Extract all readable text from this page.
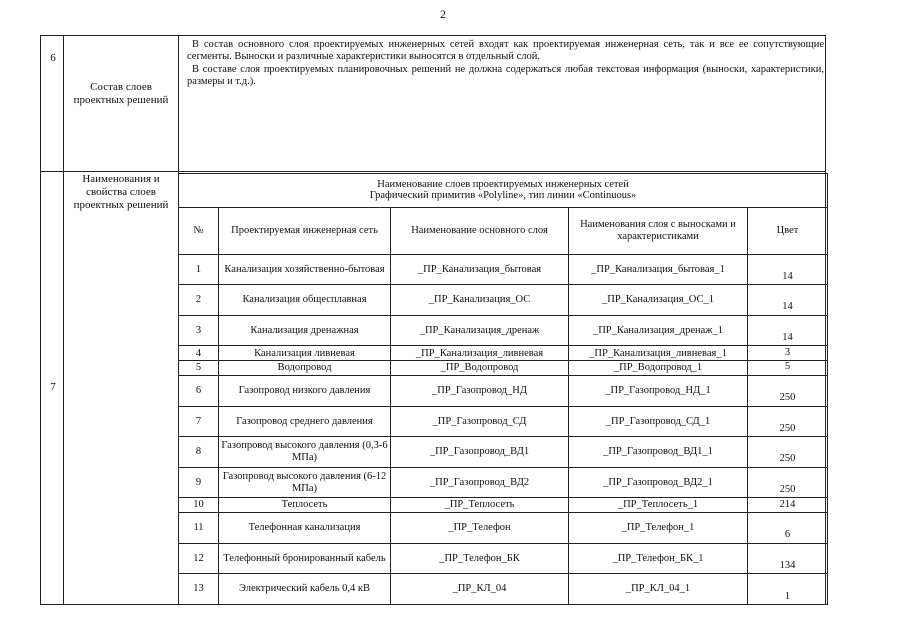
2
6
Состав слоев проектных решений

В состав основного слоя проектируемых инженерных сетей входят как проектируемая инженерная сеть, так и все ее сопутствующие сегменты. Выноски и различные характеристики выносятся в отдельный слой.

В составе слоя проектируемых планировочных решений не должна содержаться любая текстовая информация (выноски, характеристики, размеры и т.д.).

7
Наименования и свойства слоев проектных решений
Наименование слоев проектируемых инженерных сетей
Графический примитив «Polyline», тип линии «Continuous»				

№	Проектируемая инженерная сеть	Наименование основного слоя	Наименования слоя с выносками и характеристиками	Цвет
1	Канализация хозяйственно-бытовая	_ПР_Канализация_бытовая	_ПР_Канализация_бытовая_1	14
2	Канализация общесплавная	_ПР_Канализация_ОС	_ПР_Канализация_ОС_1	14
3	Канализация дренажная	_ПР_Канализация_дренаж	_ПР_Канализация_дренаж_1	14
4	Канализация ливневая	_ПР_Канализация_ливневая	_ПР_Канализация_ливневая_1	3
5	Водопровод	_ПР_Водопровод	_ПР_Водопровод_1	5
6	Газопровод низкого давления	_ПР_Газопровод_НД	_ПР_Газопровод_НД_1	250
7	Газопровод среднего давления	_ПР_Газопровод_СД	_ПР_Газопровод_СД_1	250
8	Газопровод высокого давления (0,3-6 МПа)	_ПР_Газопровод_ВД1	_ПР_Газопровод_ВД1_1	250
9	Газопровод высокого давления (6-12 МПа)	_ПР_Газопровод_ВД2	_ПР_Газопровод_ВД2_1	250
10	Теплосеть	_ПР_Теплосеть	_ПР_Теплосеть_1	214
11	Телефонная канализация	_ПР_Телефон	_ПР_Телефон_1	6
12	Телефонный бронированный кабель	_ПР_Телефон_БК	_ПР_Телефон_БК_1	134
13	Электрический кабель 0,4 кВ	_ПР_КЛ_04	_ПР_КЛ_04_1	1
